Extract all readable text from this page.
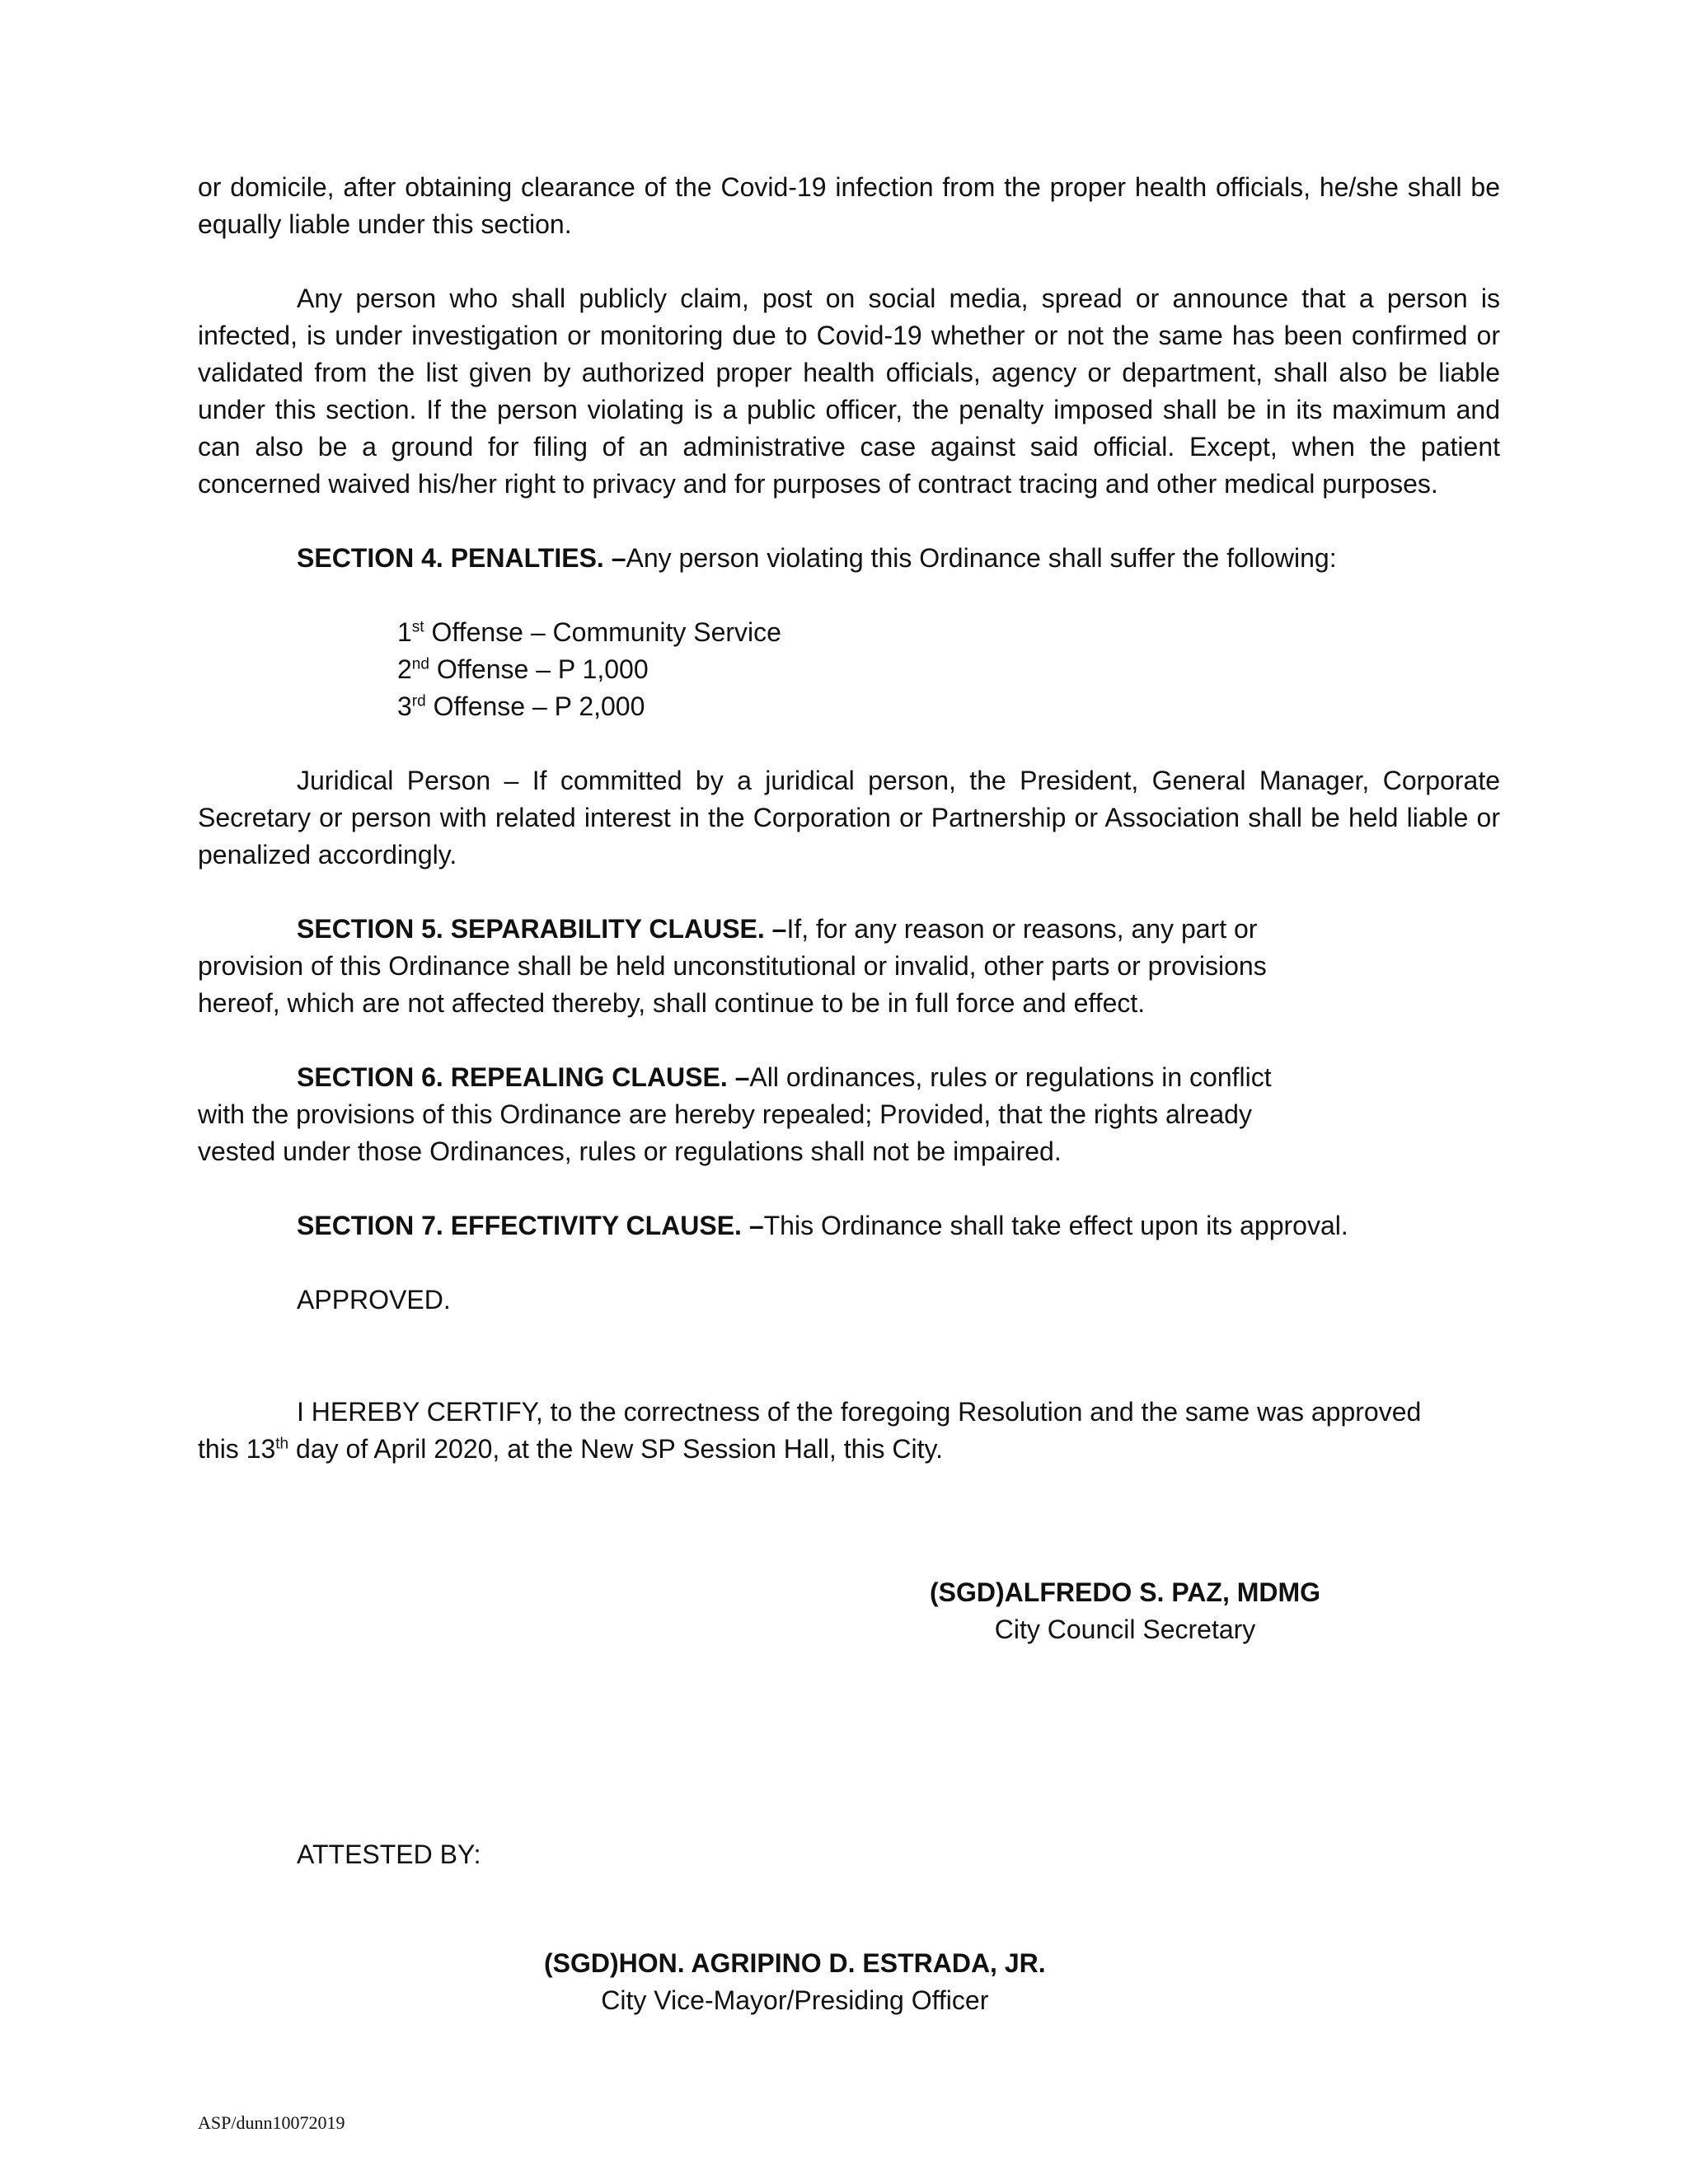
or domicile, after obtaining clearance of the Covid-19 infection from the proper health officials, he/she shall be equally liable under this section.

Any person who shall publicly claim, post on social media, spread or announce that a person is infected, is under investigation or monitoring due to Covid-19 whether or not the same has been confirmed or validated from the list given by authorized proper health officials, agency or department, shall also be liable under this section. If the person violating is a public officer, the penalty imposed shall be in its maximum and can also be a ground for filing of an administrative case against said official. Except, when the patient concerned waived his/her right to privacy and for purposes of contract tracing and other medical purposes.

SECTION 4. PENALTIES. –Any person violating this Ordinance shall suffer the following:

1st Offense – Community Service

2nd Offense – P 1,000

3rd Offense – P 2,000

Juridical Person – If committed by a juridical person, the President, General Manager, Corporate Secretary or person with related interest in the Corporation or Partnership or Association shall be held liable or penalized accordingly.

SECTION 5. SEPARABILITY CLAUSE. –If, for any reason or reasons, any part or

provision of this Ordinance shall be held unconstitutional or invalid, other parts or provisions

hereof, which are not affected thereby, shall continue to be in full force and effect.

SECTION 6. REPEALING CLAUSE. –All ordinances, rules or regulations in conflict

with the provisions of this Ordinance are hereby repealed; Provided, that the rights already

vested under those Ordinances, rules or regulations shall not be impaired.

SECTION 7. EFFECTIVITY CLAUSE. –This Ordinance shall take effect upon its approval.

APPROVED.

I HEREBY CERTIFY, to the correctness of the foregoing Resolution and the same was approved

this 13th day of April 2020, at the New SP Session Hall, this City.

(SGD)ALFREDO S. PAZ, MDMG

City Council Secretary

ATTESTED BY:

(SGD)HON. AGRIPINO D. ESTRADA, JR.

City Vice-Mayor/Presiding Officer

ASP/dunn10072019
